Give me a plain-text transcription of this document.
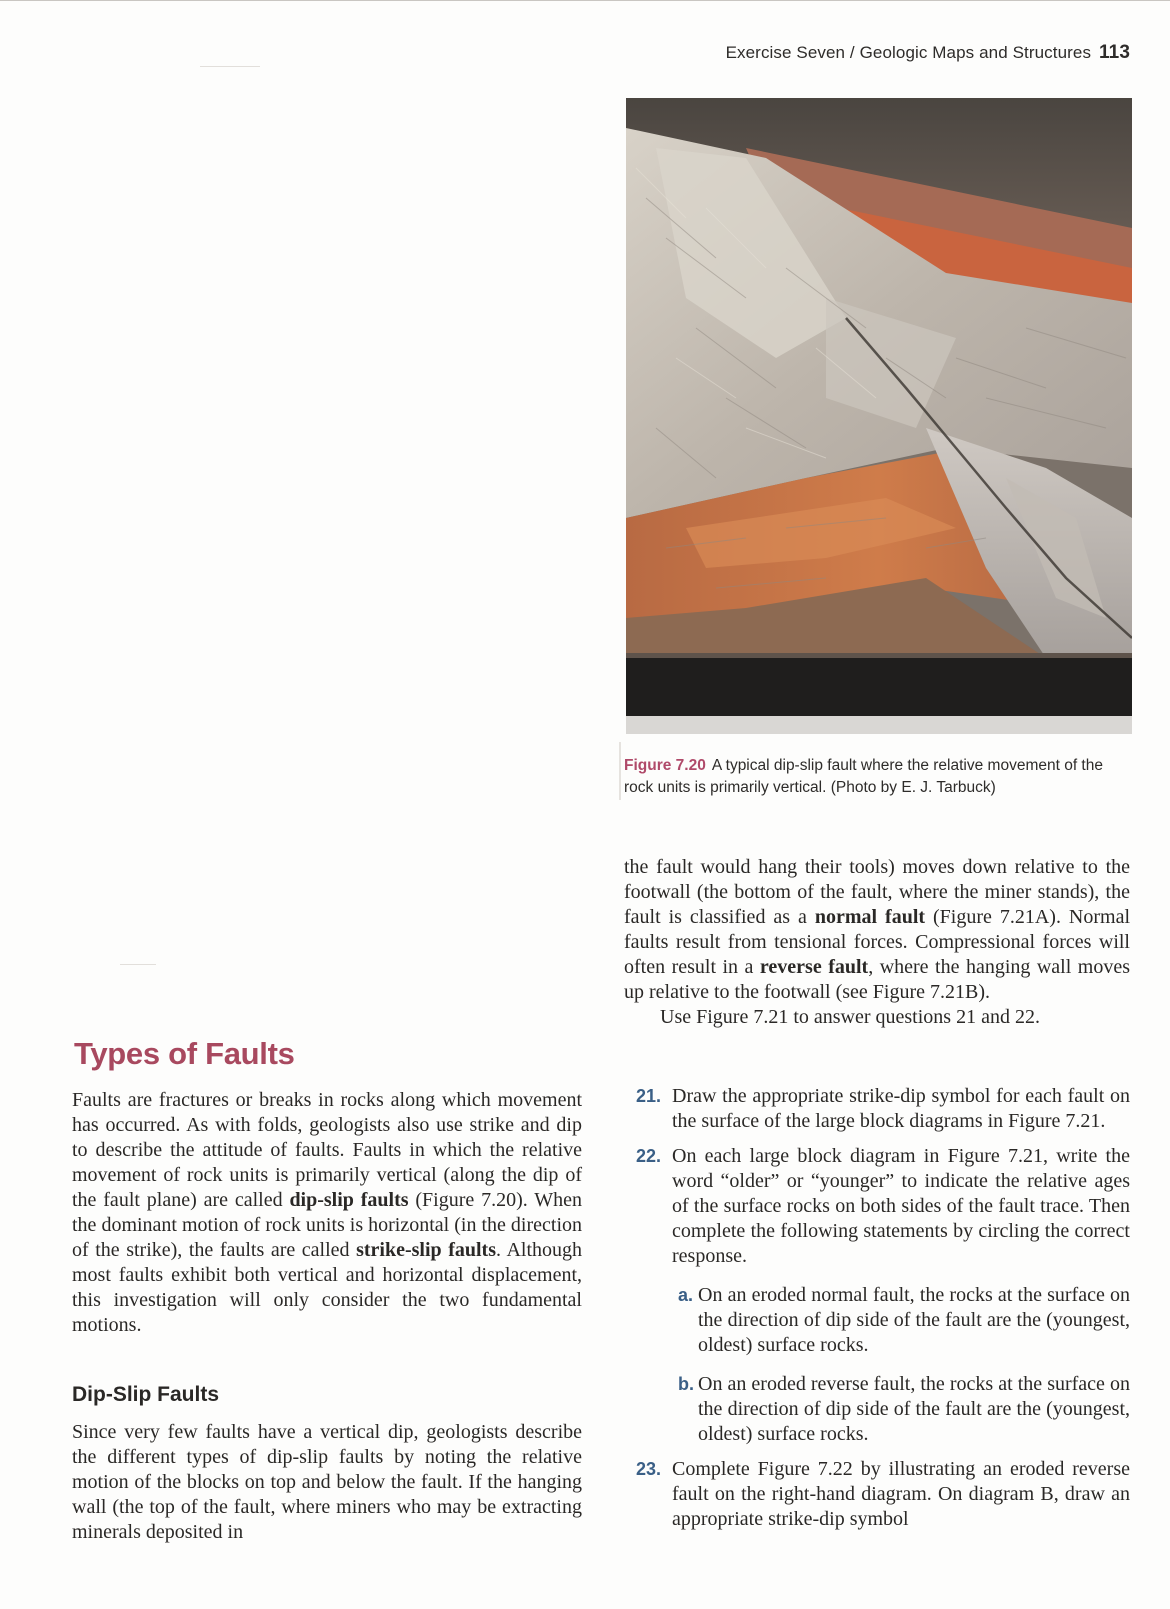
Exercise Seven / Geologic Maps and Structures 113
Figure 7.20 A typical dip-slip fault where the relative movement of the rock units is primarily vertical. (Photo by E. J. Tarbuck)

the fault would hang their tools) moves down relative to the footwall (the bottom of the fault, where the miner stands), the fault is classified as a normal fault (Figure 7.21A). Normal faults result from tensional forces. Compressional forces will often result in a reverse fault, where the hanging wall moves up relative to the footwall (see Figure 7.21B).

Use Figure 7.21 to answer questions 21 and 22.

21. Draw the appropriate strike-dip symbol for each fault on the surface of the large block diagrams in Figure 7.21.
22. On each large block diagram in Figure 7.21, write the word “older” or “younger” to indicate the relative ages of the surface rocks on both sides of the fault trace. Then complete the following statements by circling the correct response.
a. On an eroded normal fault, the rocks at the surface on the direction of dip side of the fault are the (youngest, oldest) surface rocks.
b. On an eroded reverse fault, the rocks at the surface on the direction of dip side of the fault are the (youngest, oldest) surface rocks.
23. Complete Figure 7.22 by illustrating an eroded reverse fault on the right-hand diagram. On diagram B, draw an appropriate strike-dip symbol
Types of Faults

Faults are fractures or breaks in rocks along which movement has occurred. As with folds, geologists also use strike and dip to describe the attitude of faults. Faults in which the relative movement of rock units is primarily vertical (along the dip of the fault plane) are called dip-slip faults (Figure 7.20). When the dominant motion of rock units is horizontal (in the direction of the strike), the faults are called strike-slip faults. Although most faults exhibit both vertical and horizontal displacement, this investigation will only consider the two fundamental motions.

Dip-Slip Faults

Since very few faults have a vertical dip, geologists describe the different types of dip-slip faults by noting the relative motion of the blocks on top and below the fault. If the hanging wall (the top of the fault, where miners who may be extracting minerals deposited in
